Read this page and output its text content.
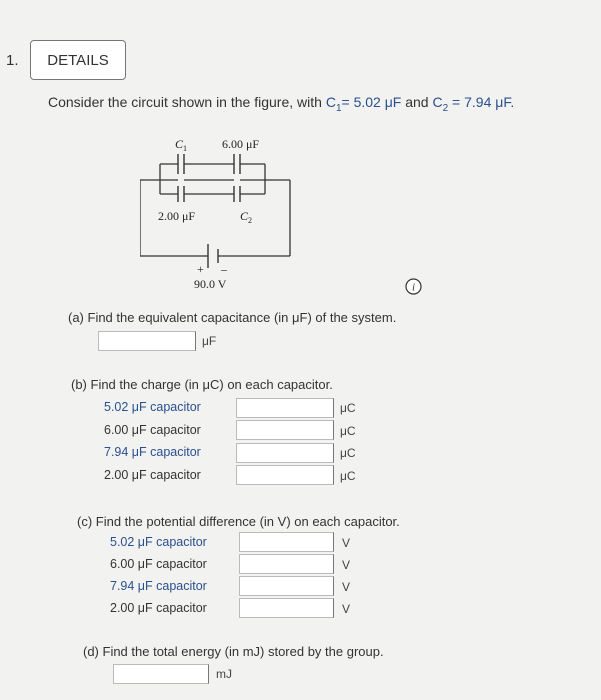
1.	DETAILS
Consider the circuit shown in the figure, with $C_1= 5.02$ μF and $C_2 = 7.94$ μF.
$C_1$	6.00 μF
2.00 μF	$C_2$
+ –
90.0 V	i
(a) Find the equivalent capacitance (in μF) of the system.
μF
(b) Find the charge (in μC) on each capacitor.
5.02 μF capacitor	μC
6.00 μF capacitor	μC
7.94 μF capacitor	μC
2.00 μF capacitor	μC
(c) Find the potential difference (in V) on each capacitor.
5.02 μF capacitor	V
6.00 μF capacitor	V
7.94 μF capacitor	V
2.00 μF capacitor	V
(d) Find the total energy (in mJ) stored by the group.
mJ
